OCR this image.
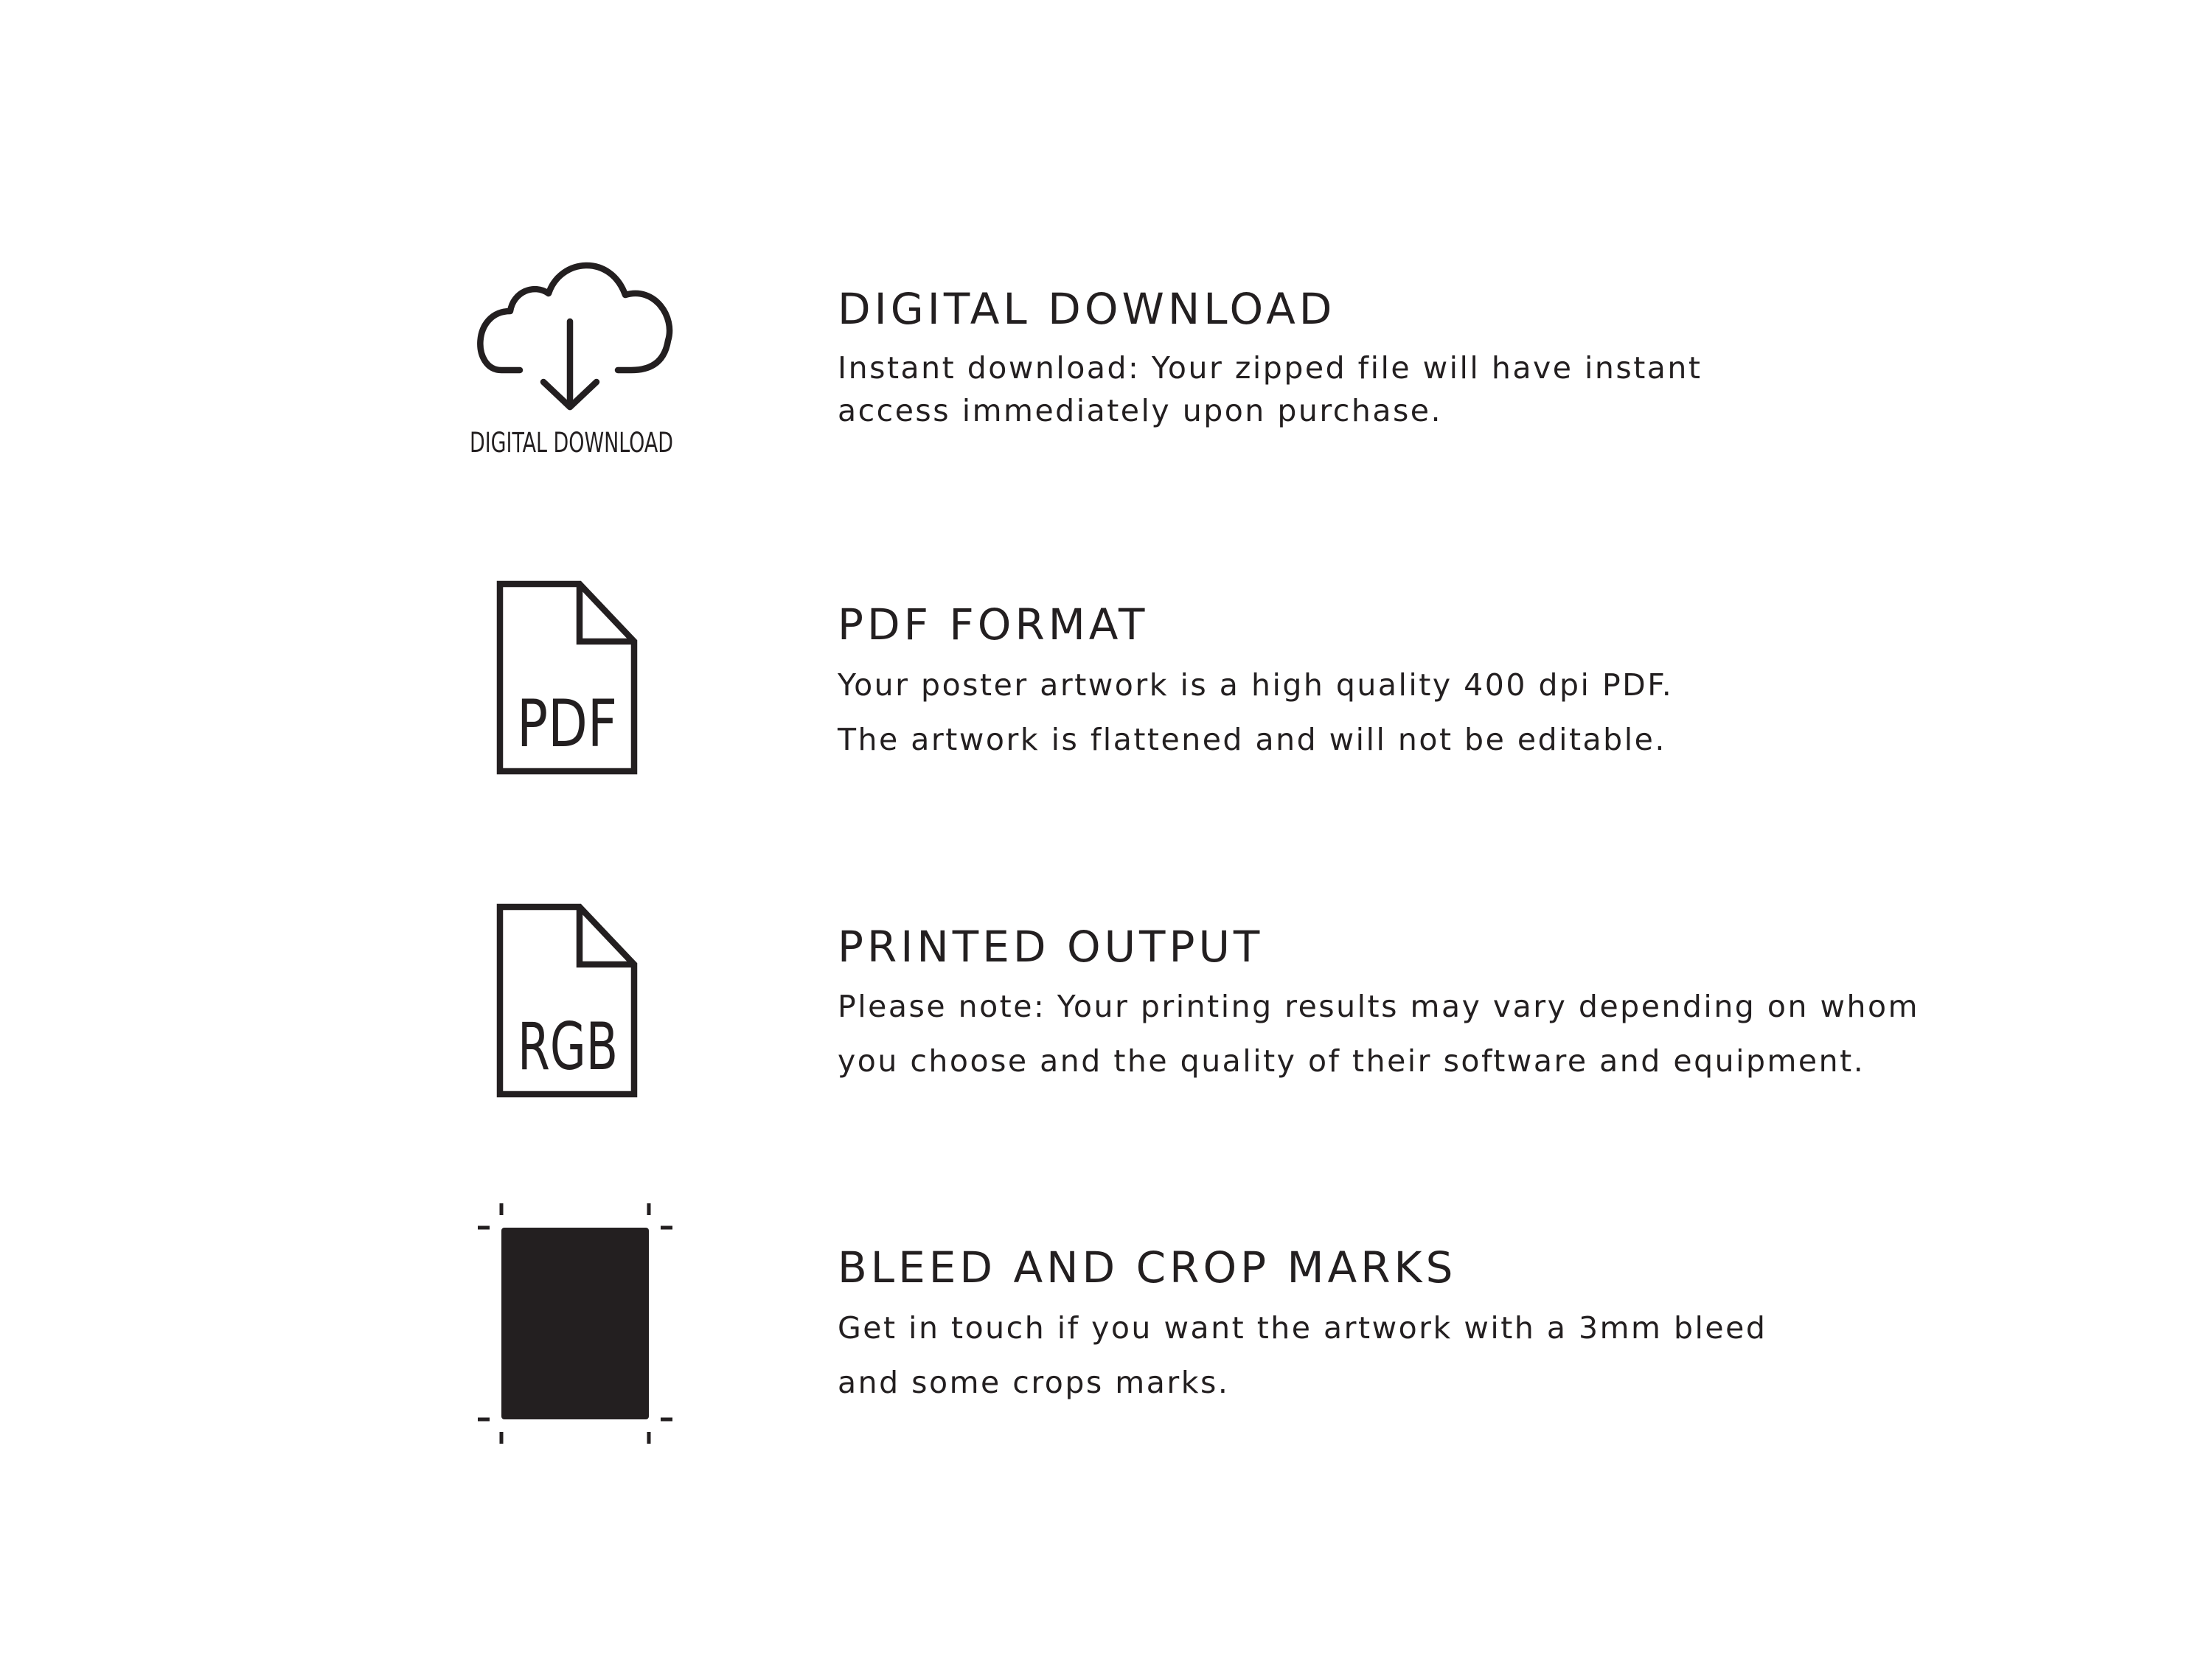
DIGITAL DOWNLOAD
DIGITAL DOWNLOAD

Instant download: Your zipped file will have instant

access immediately upon purchase.

PDF
PDF FORMAT

Your poster artwork is a high quality 400 dpi PDF.

The artwork is flattened and will not be editable.

RGB
PRINTED OUTPUT

Please note: Your printing results may vary depending on whom

you choose and the quality of their software and equipment.

BLEED AND CROP MARKS

Get in touch if you want the artwork with a 3mm bleed

and some crops marks.
